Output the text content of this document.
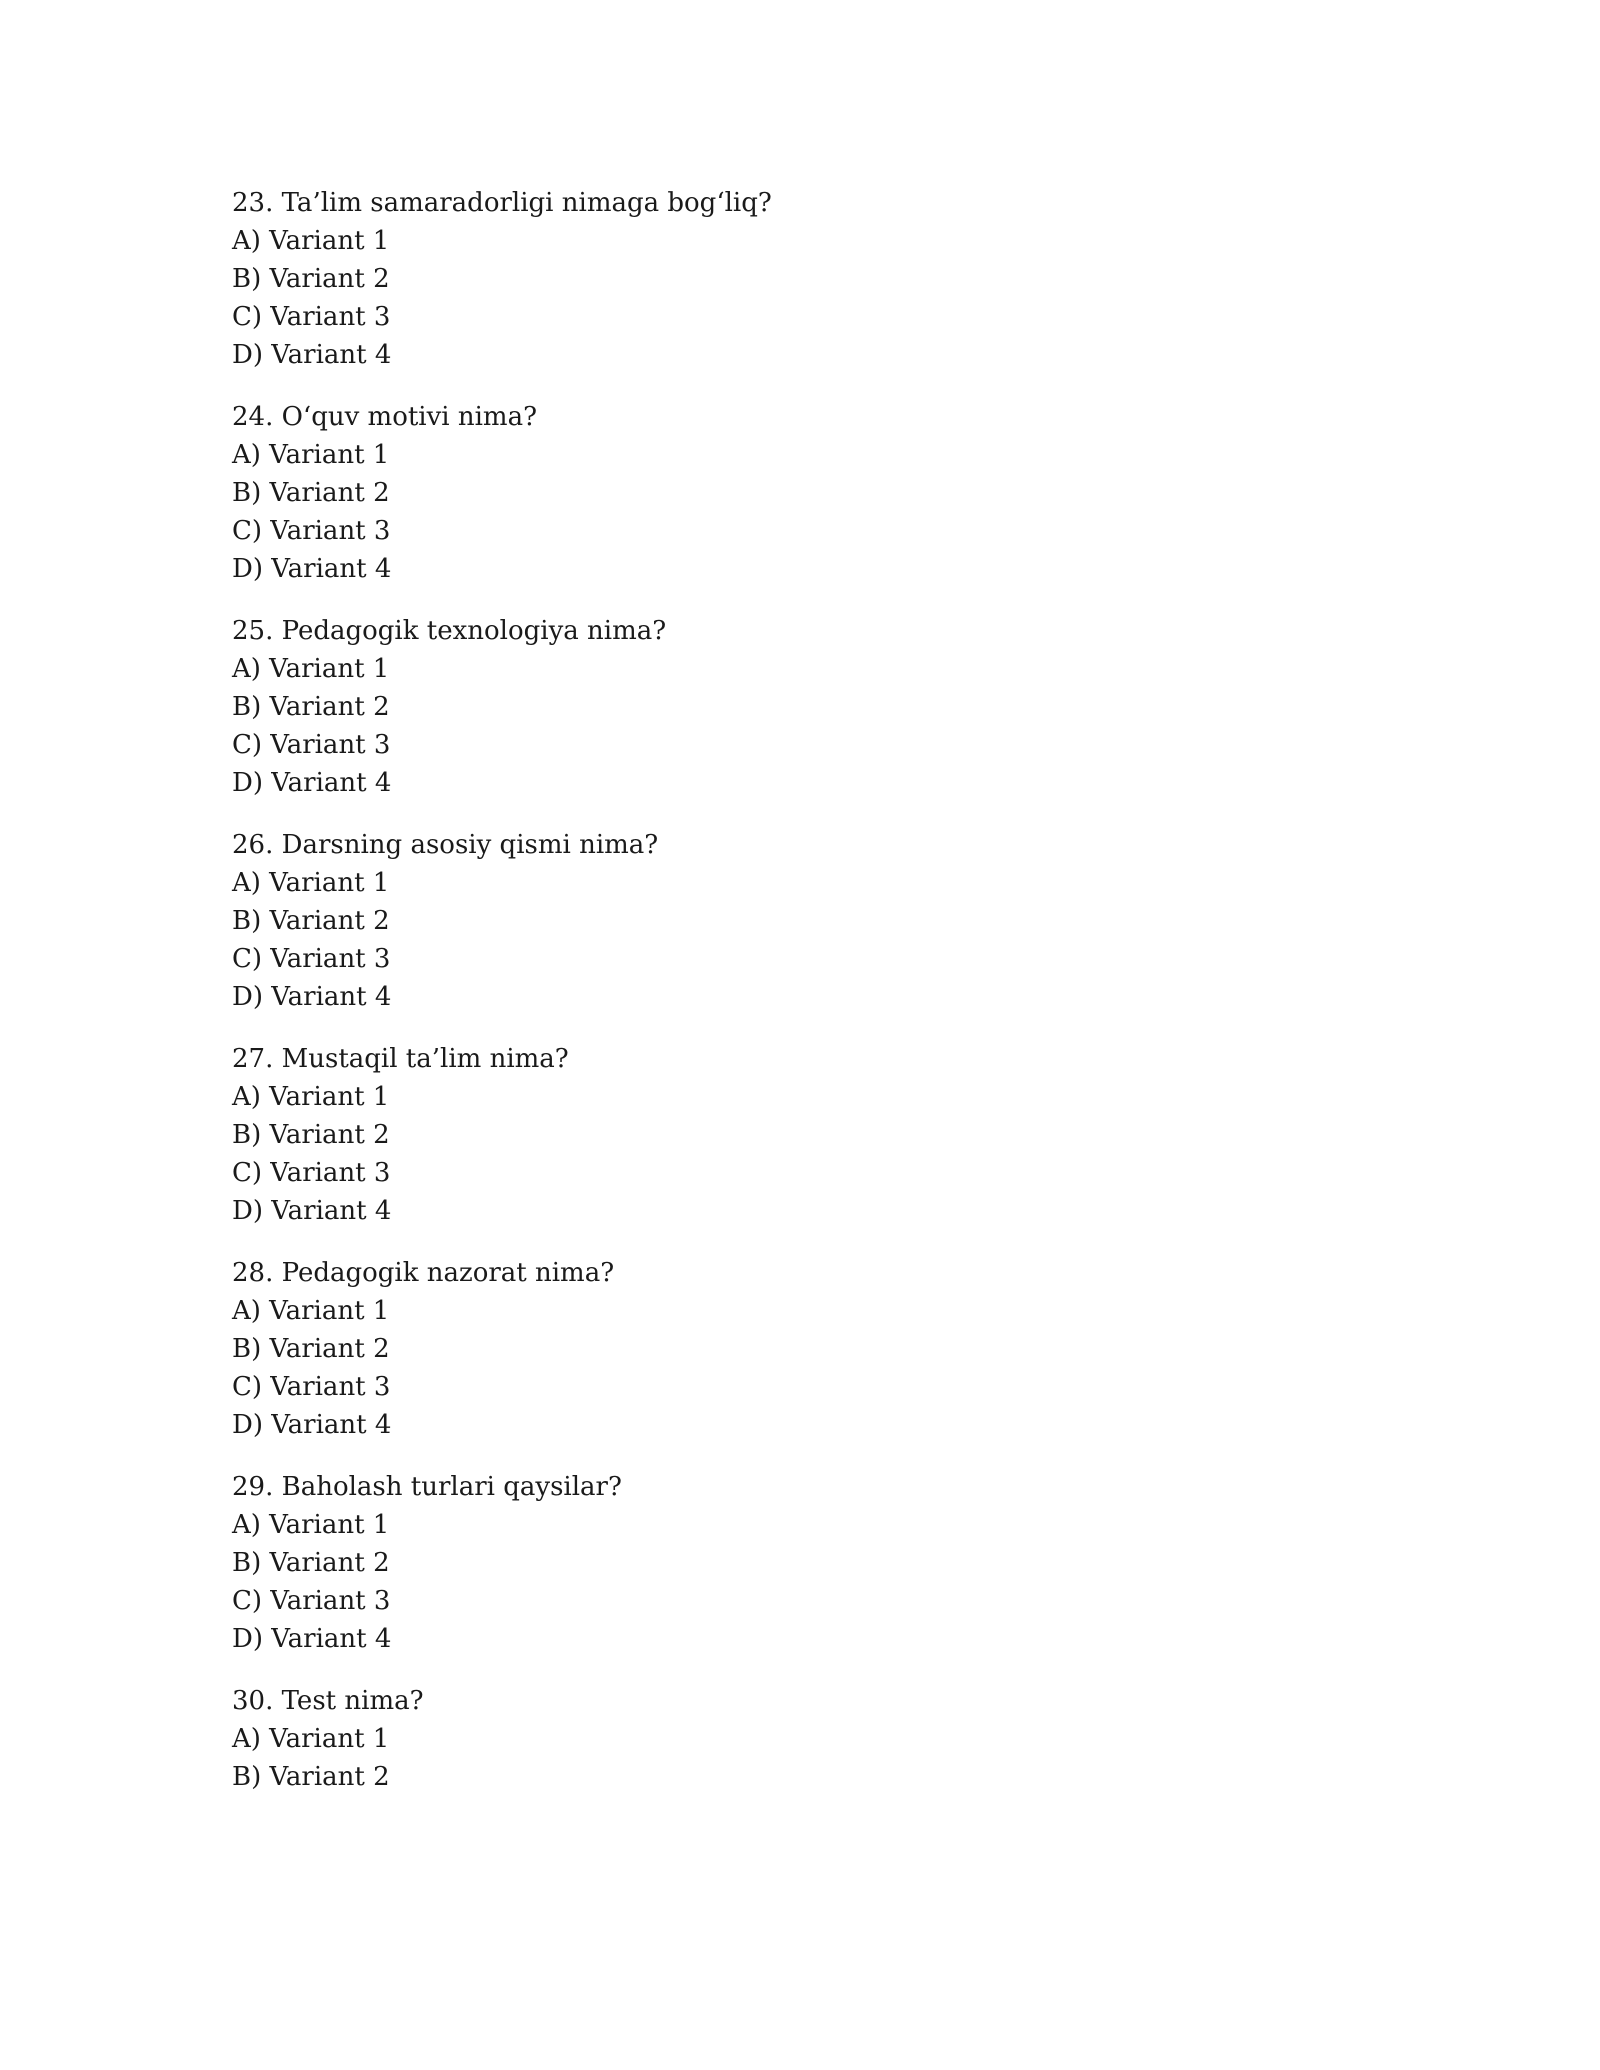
23. Ta’lim samaradorligi nimaga bog‘liq?
A) Variant 1
B) Variant 2
C) Variant 3
D) Variant 4
24. O‘quv motivi nima?
A) Variant 1
B) Variant 2
C) Variant 3
D) Variant 4
25. Pedagogik texnologiya nima?
A) Variant 1
B) Variant 2
C) Variant 3
D) Variant 4
26. Darsning asosiy qismi nima?
A) Variant 1
B) Variant 2
C) Variant 3
D) Variant 4
27. Mustaqil ta’lim nima?
A) Variant 1
B) Variant 2
C) Variant 3
D) Variant 4
28. Pedagogik nazorat nima?
A) Variant 1
B) Variant 2
C) Variant 3
D) Variant 4
29. Baholash turlari qaysilar?
A) Variant 1
B) Variant 2
C) Variant 3
D) Variant 4
30. Test nima?
A) Variant 1
B) Variant 2
